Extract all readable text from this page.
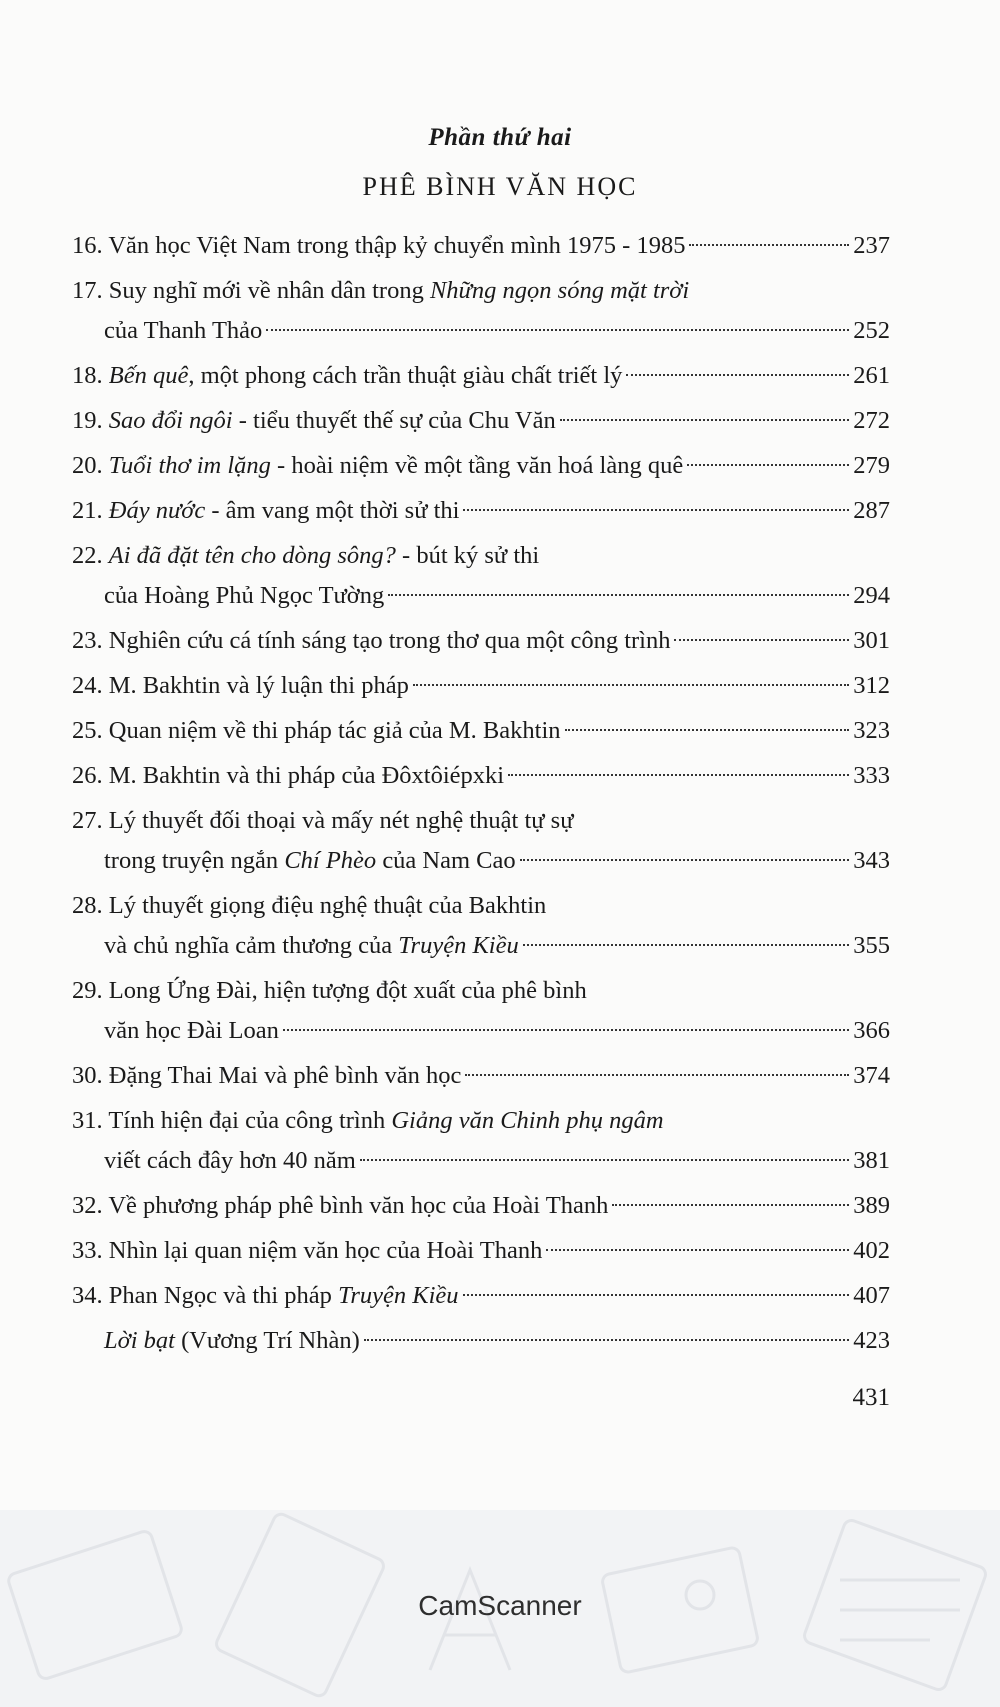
Phần thứ hai
PHÊ BÌNH VĂN HỌC
16. Văn học Việt Nam trong thập kỷ chuyển mình 1975 - 1985	237
17. Suy nghĩ mới về nhân dân trong Những ngọn sóng mặt trời
của Thanh Thảo	252
18. Bến quê, một phong cách trần thuật giàu chất triết lý	261
19. Sao đổi ngôi - tiểu thuyết thế sự của Chu Văn	272
20. Tuổi thơ im lặng - hoài niệm về một tầng văn hoá làng quê	279
21. Đáy nước - âm vang một thời sử thi	287
22. Ai đã đặt tên cho dòng sông? - bút ký sử thi
của Hoàng Phủ Ngọc Tường	294
23. Nghiên cứu cá tính sáng tạo trong thơ qua một công trình	301
24. M. Bakhtin và lý luận thi pháp	312
25. Quan niệm về thi pháp tác giả của M. Bakhtin	323
26. M. Bakhtin và thi pháp của Đôxtôiépxki	333
27. Lý thuyết đối thoại và mấy nét nghệ thuật tự sự
trong truyện ngắn Chí Phèo của Nam Cao	343
28. Lý thuyết giọng điệu nghệ thuật của Bakhtin
và chủ nghĩa cảm thương của Truyện Kiều	355
29. Long Ứng Đài, hiện tượng đột xuất của phê bình
văn học Đài Loan	366
30. Đặng Thai Mai và phê bình văn học	374
31. Tính hiện đại của công trình Giảng văn Chinh phụ ngâm
viết cách đây hơn 40 năm	381
32. Về phương pháp phê bình văn học của Hoài Thanh	389
33. Nhìn lại quan niệm văn học của Hoài Thanh	402
34. Phan Ngọc và thi pháp Truyện Kiều	407
Lời bạt (Vương Trí Nhàn)	423
431
CamScanner
